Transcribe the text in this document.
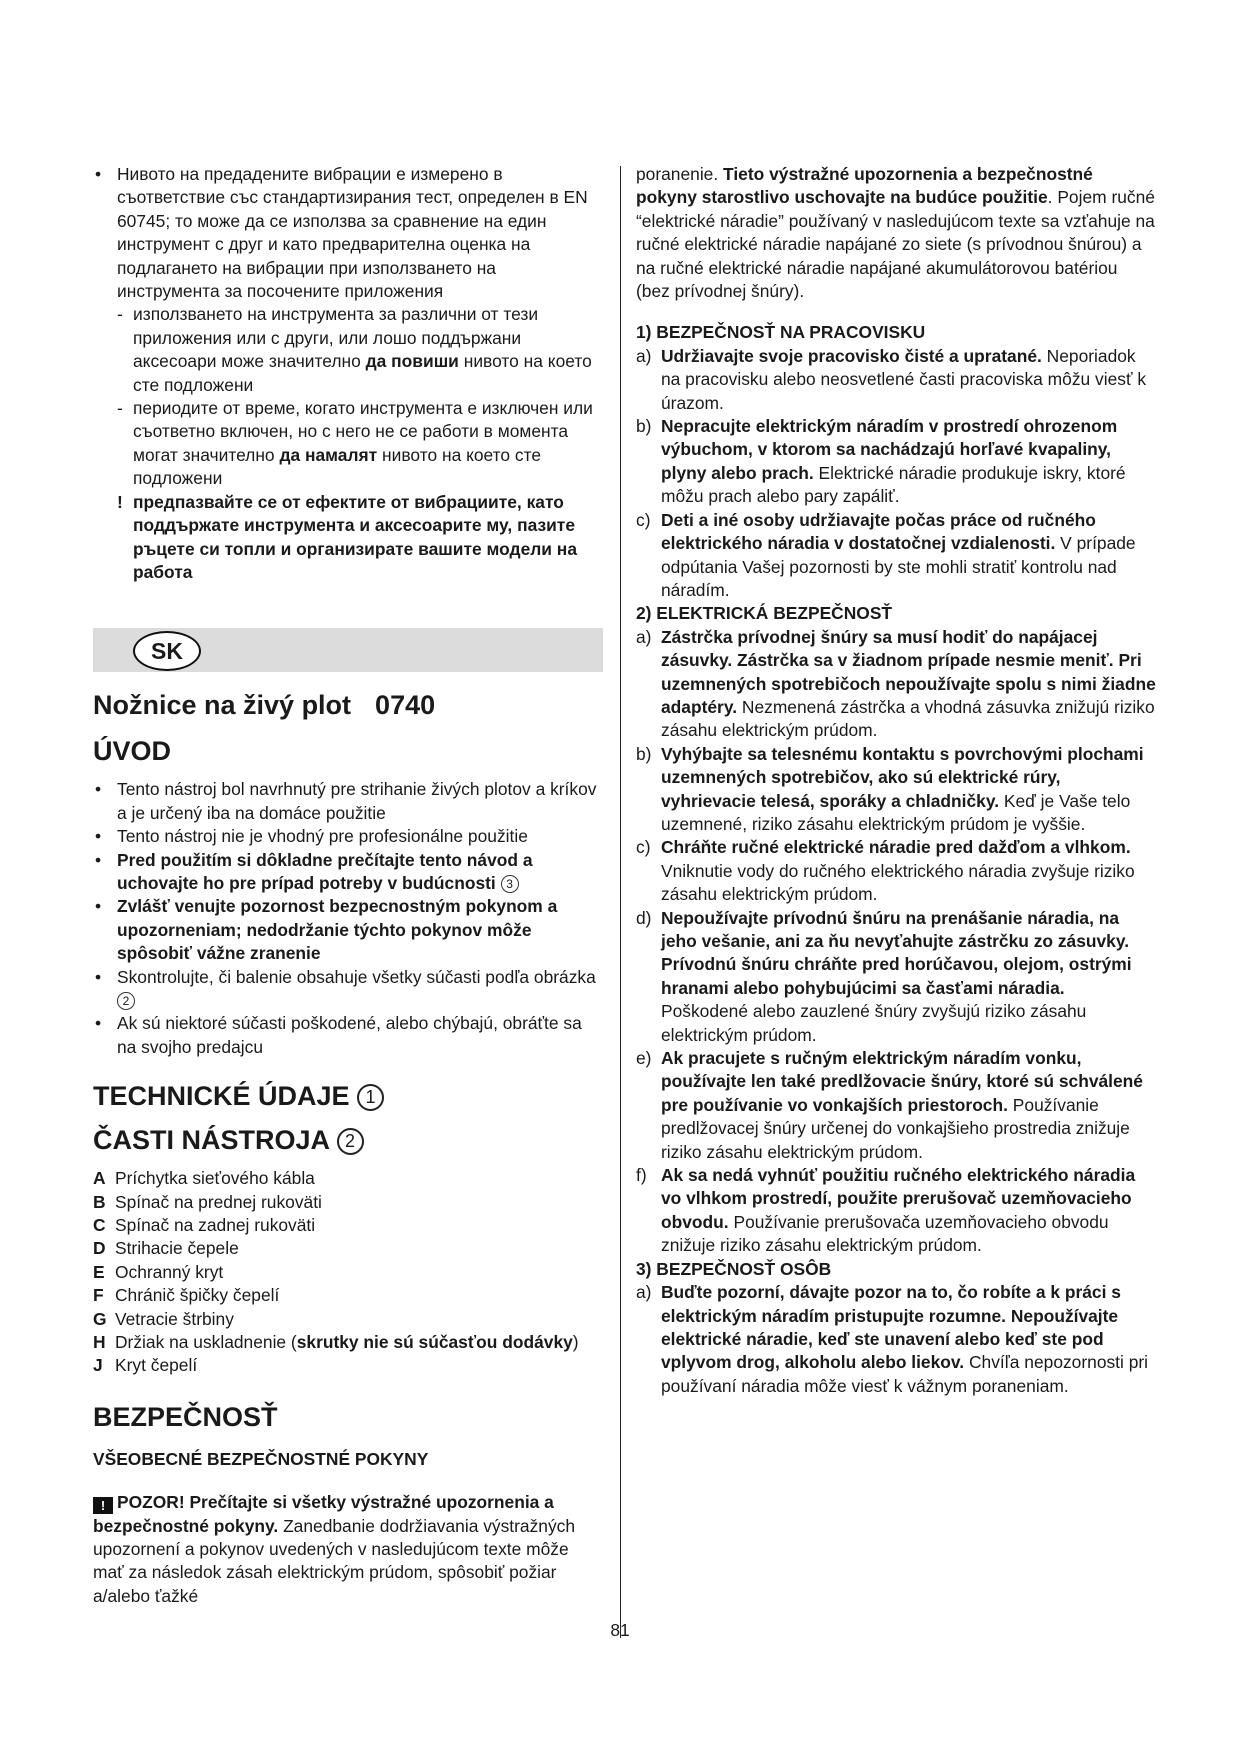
• Нивото на предадените вибрации е измерено в съответствие със стандартизирания тест, определен в EN 60745; то може да се използва за сравнение на един инструмент с друг и като предварителна оценка на подлагането на вибрации при използването на инструмента за посочените приложения

- използването на инструмента за различни от тези приложения или с други, или лошо поддържани аксесоари може значително да повиши нивото на което сте подложени

- периодите от време, когато инструмента е изключен или съответно включен, но с него не се работи в момента могат значително да намалят нивото на което сте подложени

! предпазвайте се от ефектите от вибрациите, като поддържате инструмента и аксесоарите му, пазите ръцете си топли и организирате вашите модели на работа

SK
Nožnice na živý plot 0740
ÚVOD

• Tento nástroj bol navrhnutý pre strihanie živých plotov a kríkov a je určený iba na domáce použitie

• Tento nástroj nie je vhodný pre profesionálne použitie

• Pred použitím si dôkladne prečítajte tento návod a uchovajte ho pre prípad potreby v budúcnosti 3

• Zvlášť venujte pozornost bezpecnostným pokynom a upozorneniam; nedodržanie týchto pokynov môže spôsobiť vážne zranenie

• Skontrolujte, či balenie obsahuje všetky súčasti podľa obrázka 2

• Ak sú niektoré súčasti poškodené, alebo chýbajú, obráťte sa na svojho predajcu

TECHNICKÉ ÚDAJE 1
ČASTI NÁSTROJA 2

A Príchytka sieťového kábla

B Spínač na prednej rukoväti

C Spínač na zadnej rukoväti

D Strihacie čepele

E Ochranný kryt

F Chránič špičky čepelí

G Vetracie štrbiny

H Držiak na uskladnenie (skrutky nie sú súčasťou dodávky)

J Kryt čepelí

BEZPEČNOSŤ
VŠEOBECNÉ BEZPEČNOSTNÉ POKYNY

! POZOR! Prečítajte si všetky výstražné upozornenia a bezpečnostné pokyny. Zanedbanie dodržiavania výstražných upozornení a pokynov uvedených v nasledujúcom texte môže mať za následok zásah elektrickým prúdom, spôsobiť požiar a/alebo ťažké

poranenie. Tieto výstražné upozornenia a bezpečnostné pokyny starostlivo uschovajte na budúce použitie. Pojem ručné “elektrické náradie” používaný v nasledujúcom texte sa vzťahuje na ručné elektrické náradie napájané zo siete (s prívodnou šnúrou) a na ručné elektrické náradie napájané akumulátorovou batériou (bez prívodnej šnúry).

1) BEZPEČNOSŤ NA PRACOVISKU

a) Udržiavajte svoje pracovisko čisté a upratané. Neporiadok na pracovisku alebo neosvetlené časti pracoviska môžu viesť k úrazom.

b) Nepracujte elektrickým náradím v prostredí ohrozenom výbuchom, v ktorom sa nachádzajú horľavé kvapaliny, plyny alebo prach. Elektrické náradie produkuje iskry, ktoré môžu prach alebo pary zapáliť.

c) Deti a iné osoby udržiavajte počas práce od ručného elektrického náradia v dostatočnej vzdialenosti. V prípade odpútania Vašej pozornosti by ste mohli stratiť kontrolu nad náradím.

2) ELEKTRICKÁ BEZPEČNOSŤ

a) Zástrčka prívodnej šnúry sa musí hodiť do napájacej zásuvky. Zástrčka sa v žiadnom prípade nesmie meniť. Pri uzemnených spotrebičoch nepoužívajte spolu s nimi žiadne adaptéry. Nezmenená zástrčka a vhodná zásuvka znižujú riziko zásahu elektrickým prúdom.

b) Vyhýbajte sa telesnému kontaktu s povrchovými plochami uzemnených spotrebičov, ako sú elektrické rúry, vyhrievacie telesá, sporáky a chladničky. Keď je Vaše telo uzemnené, riziko zásahu elektrickým prúdom je vyššie.

c) Chráňte ručné elektrické náradie pred dažďom a vlhkom. Vniknutie vody do ručného elektrického náradia zvyšuje riziko zásahu elektrickým prúdom.

d) Nepoužívajte prívodnú šnúru na prenášanie náradia, na jeho vešanie, ani za ňu nevyťahujte zástrčku zo zásuvky. Prívodnú šnúru chráňte pred horúčavou, olejom, ostrými hranami alebo pohybujúcimi sa časťami náradia. Poškodené alebo zauzlené šnúry zvyšujú riziko zásahu elektrickým prúdom.

e) Ak pracujete s ručným elektrickým náradím vonku, používajte len také predlžovacie šnúry, ktoré sú schválené pre používanie vo vonkajších priestoroch. Používanie predlžovacej šnúry určenej do vonkajšieho prostredia znižuje riziko zásahu elektrickým prúdom.

f) Ak sa nedá vyhnúť použitiu ručného elektrického náradia vo vlhkom prostredí, použite prerušovač uzemňovacieho obvodu. Používanie prerušovača uzemňovacieho obvodu znižuje riziko zásahu elektrickým prúdom.

3) BEZPEČNOSŤ OSÔB

a) Buďte pozorní, dávajte pozor na to, čo robíte a k práci s elektrickým náradím pristupujte rozumne. Nepoužívajte elektrické náradie, keď ste unavení alebo keď ste pod vplyvom drog, alkoholu alebo liekov. Chvíľa nepozornosti pri používaní náradia môže viesť k vážnym poraneniam.

81
